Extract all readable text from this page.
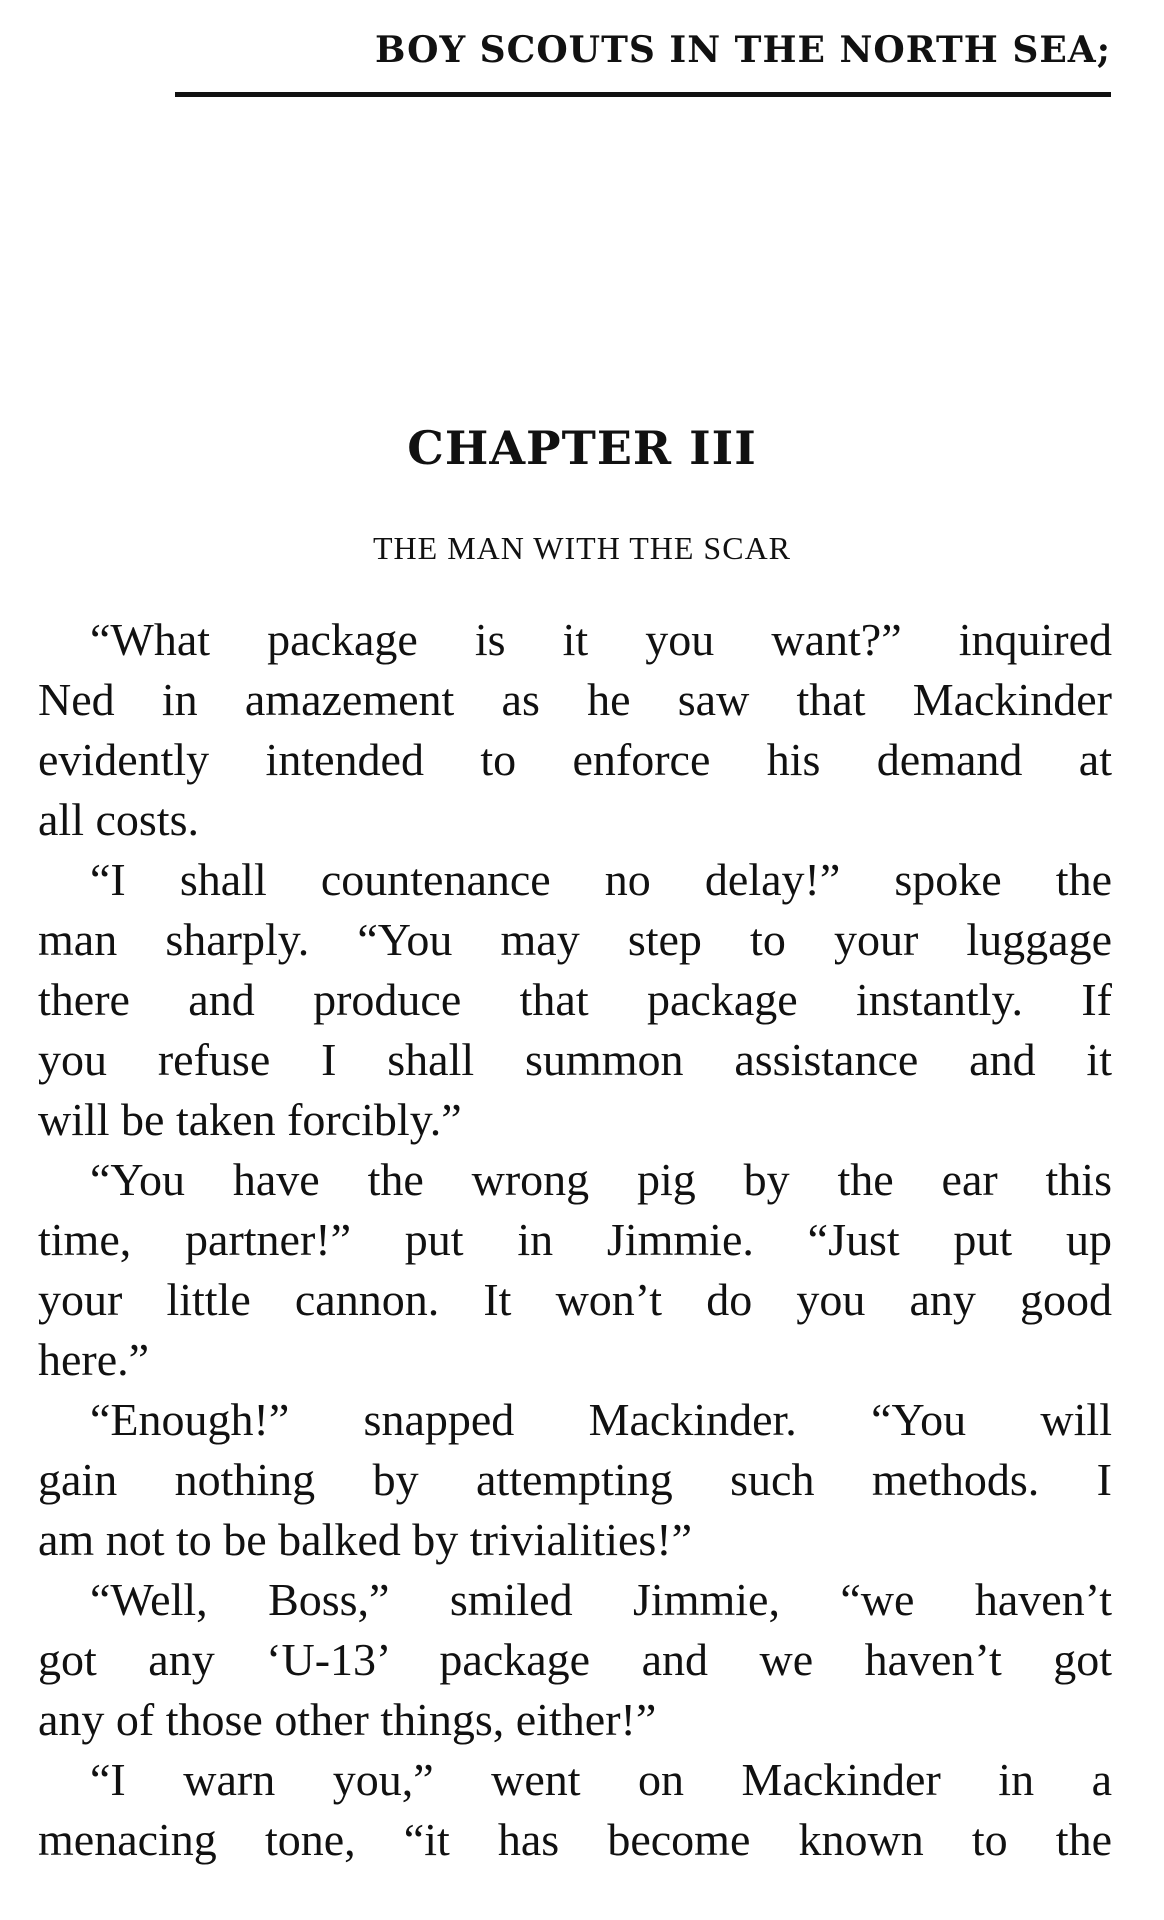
BOY SCOUTS IN THE NORTH SEA;
CHAPTER III
THE MAN WITH THE SCAR

“What package is it you want?” inquired
Ned in amazement as he saw that Mackinder
evidently intended to enforce his demand at
all costs.

“I shall countenance no delay!” spoke the
man sharply. “You may step to your luggage
there and produce that package instantly. If
you refuse I shall summon assistance and it
will be taken forcibly.”

“You have the wrong pig by the ear this
time, partner!” put in Jimmie. “Just put up
your little cannon. It won’t do you any good
here.”

“Enough!” snapped Mackinder. “You will
gain nothing by attempting such methods. I
am not to be balked by trivialities!”

“Well, Boss,” smiled Jimmie, “we haven’t
got any ‘U-13’ package and we haven’t got
any of those other things, either!”

“I warn you,” went on Mackinder in a
menacing tone, “it has become known to the
